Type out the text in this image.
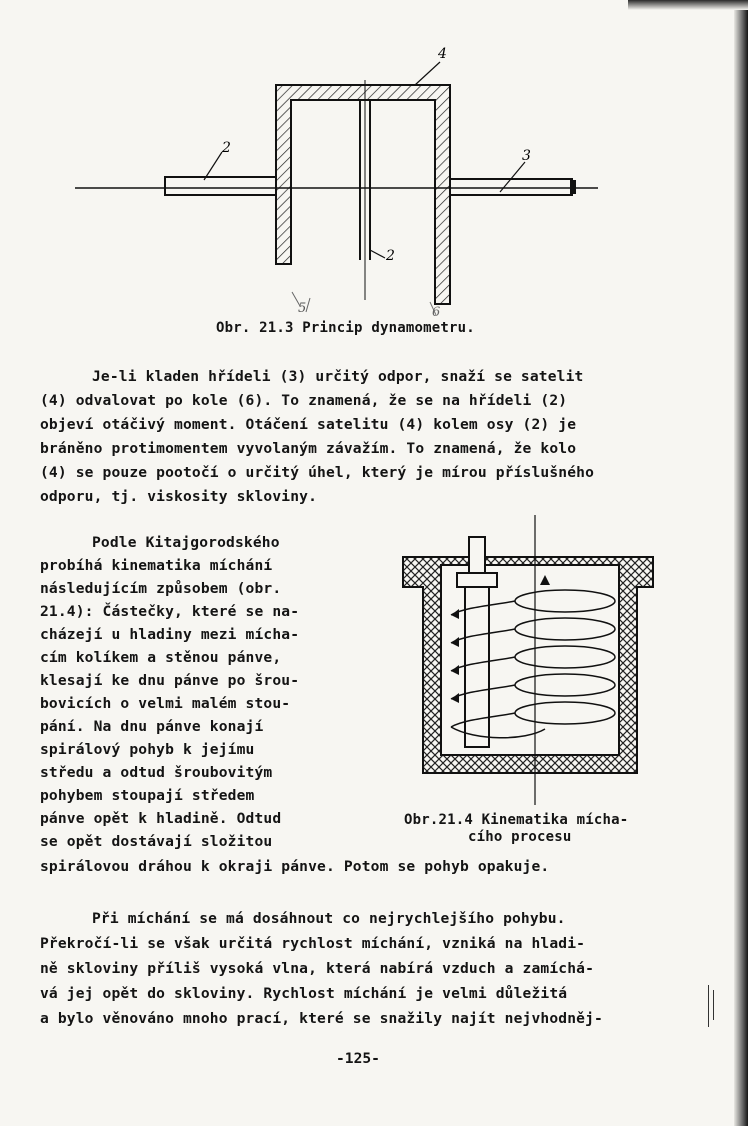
4
2	3
2
5	6
Obr. 21.3 Princip dynamometru.
Je-li kladen hřídeli (3) určitý odpor, snaží se satelit
(4) odvalovat po kole (6). To znamená, že se na hřídeli (2)
objeví otáčivý moment. Otáčení satelitu (4) kolem osy (2) je
bráněno protimomentem vyvolaným závažím. To znamená, že kolo
(4) se pouze pootočí o určitý úhel, který je mírou příslušného
odporu, tj. viskosity skloviny.
Podle Kitajgorodského
probíhá kinematika míchání
následujícím způsobem (obr.
21.4): Částečky, které se na-
cházejí u hladiny mezi mícha-
cím kolíkem a stěnou pánve,
klesají ke dnu pánve po šrou-
bovicích o velmi malém stou-
pání. Na dnu pánve konají
spirálový pohyb k jejímu
středu a odtud šroubovitým
pohybem stoupají středem
pánve opět k hladině. Odtud
se opět dostávají složitou
spirálovou dráhou k okraji pánve. Potom se pohyb opakuje.
Obr.21.4 Kinematika mícha-
cího procesu
Při míchání se má dosáhnout co nejrychlejšího pohybu.
Překročí-li se však určitá rychlost míchání, vzniká na hladi-
ně skloviny příliš vysoká vlna, která nabírá vzduch a zamíchá-
vá jej opět do skloviny. Rychlost míchání je velmi důležitá
a bylo věnováno mnoho prací, které se snažily najít nejvhodněj-
-125-
